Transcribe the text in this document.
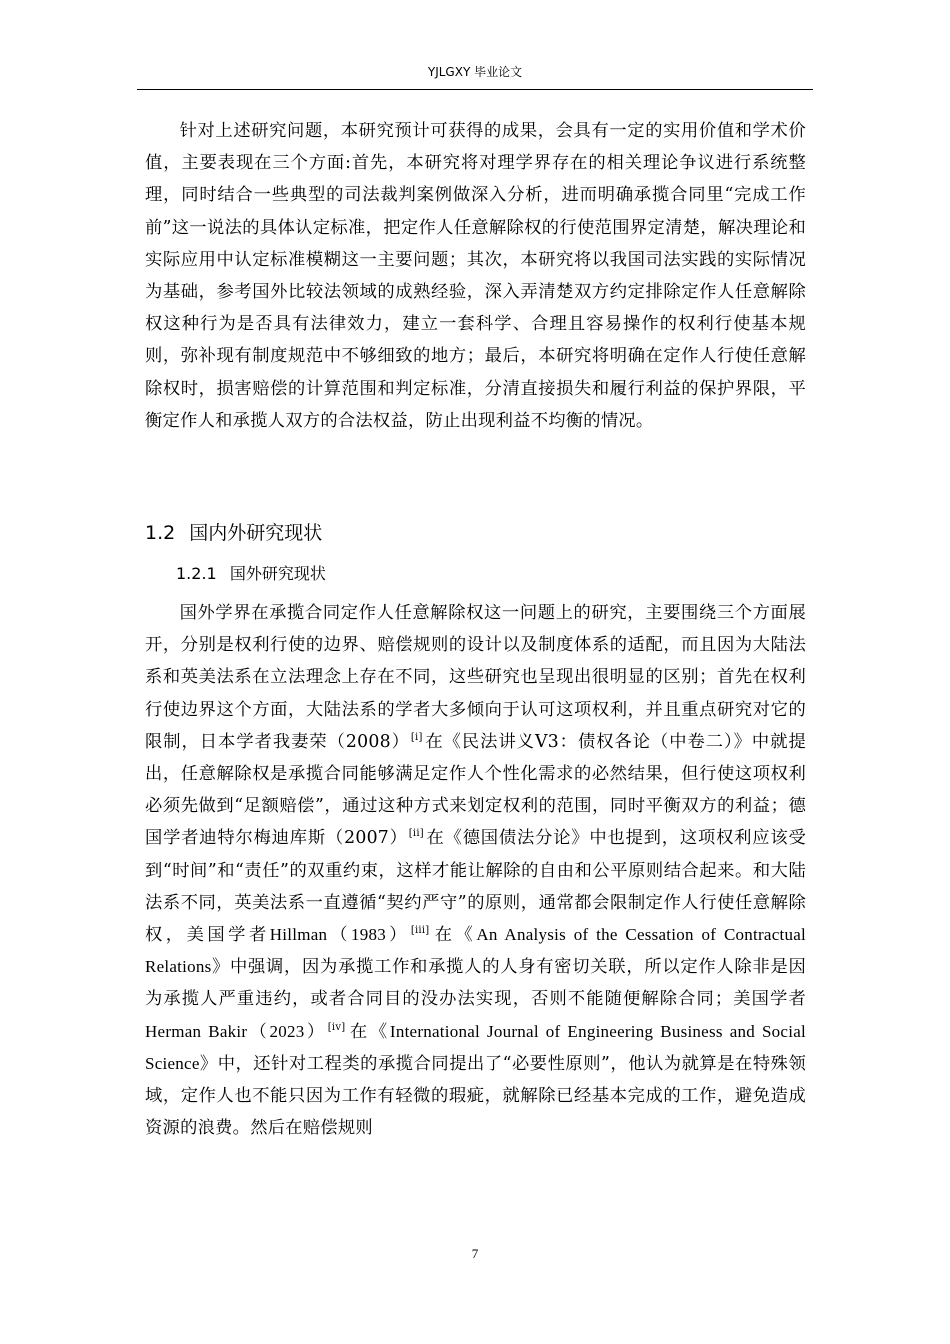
YJLGXY 毕业论文

针对上述研究问题，本研究预计可获得的成果，会具有一定的实用价值和学术价值，主要表现在三个方面:首先，本研究将对理学界存在的相关理论争议进行系统整理，同时结合一些典型的司法裁判案例做深入分析，进而明确承揽合同里“完成工作前”这一说法的具体认定标准，把定作人任意解除权的行使范围界定清楚，解决理论和实际应用中认定标准模糊这一主要问题；其次，本研究将以我国司法实践的实际情况为基础，参考国外比较法领域的成熟经验，深入弄清楚双方约定排除定作人任意解除权这种行为是否具有法律效力，建立一套科学、合理且容易操作的权利行使基本规则，弥补现有制度规范中不够细致的地方；最后，本研究将明确在定作人行使任意解除权时，损害赔偿的计算范围和判定标准，分清直接损失和履行利益的保护界限，平衡定作人和承揽人双方的合法权益，防止出现利益不均衡的情况。

1.2 国内外研究现状
1.2.1 国外研究现状

国外学界在承揽合同定作人任意解除权这一问题上的研究，主要围绕三个方面展开，分别是权利行使的边界、赔偿规则的设计以及制度体系的适配，而且因为大陆法系和英美法系在立法理念上存在不同，这些研究也呈现出很明显的区别；首先在权利行使边界这个方面，大陆法系的学者大多倾向于认可这项权利，并且重点研究对它的限制，日本学者我妻荣（2008）[i] 在《民法讲义V3：债权各论（中卷二）》中就提出，任意解除权是承揽合同能够满足定作人个性化需求的必然结果，但行使这项权利必须先做到“足额赔偿”，通过这种方式来划定权利的范围，同时平衡双方的利益；德国学者迪特尔梅迪库斯（2007）[ii] 在《德国债法分论》中也提到，这项权利应该受到“时间”和“责任”的双重约束，这样才能让解除的自由和公平原则结合起来。和大陆法系不同，英美法系一直遵循“契约严守”的原则，通常都会限制定作人行使任意解除权，美国学者Hillman（1983）[iii] 在《An Analysis of the Cessation of Contractual Relations》中强调，因为承揽工作和承揽人的人身有密切关联，所以定作人除非是因为承揽人严重违约，或者合同目的没办法实现，否则不能随便解除合同；美国学者Herman Bakir（2023）[iv] 在《International Journal of Engineering Business and Social Science》中，还针对工程类的承揽合同提出了“必要性原则”，他认为就算是在特殊领域，定作人也不能只因为工作有轻微的瑕疵，就解除已经基本完成的工作，避免造成资源的浪费。然后在赔偿规则

7
